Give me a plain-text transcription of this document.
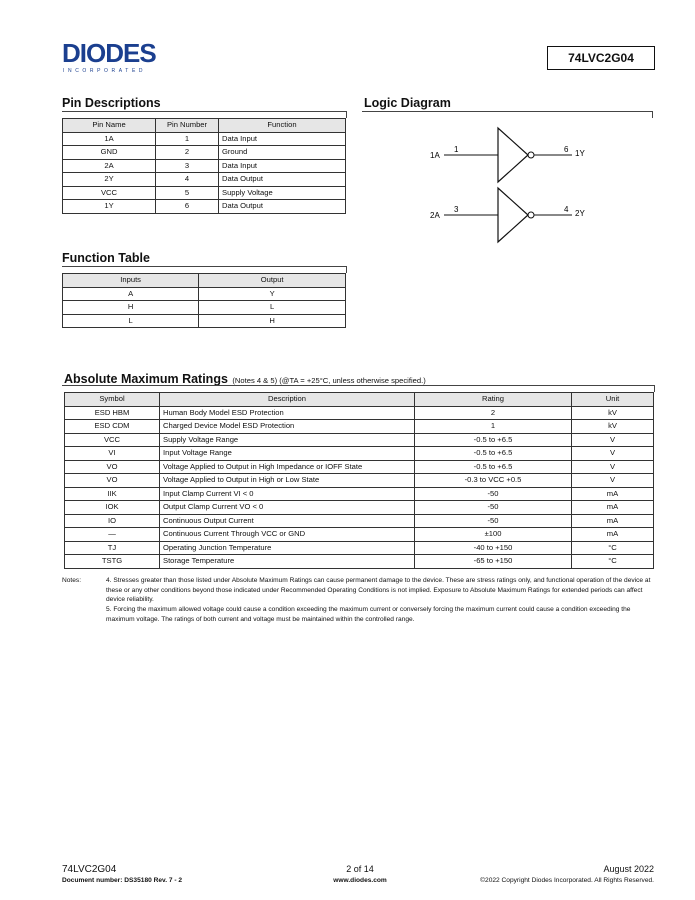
DIODES
INCORPORATED
74LVC2G04
Pin Descriptions
Pin Name	Pin Number	Function
1A	1	Data Input
GND	2	Ground
2A	3	Data Input
2Y	4	Data Output
VCC	5	Supply Voltage
1Y	6	Data Output
Logic Diagram
1A
1	6 1Y
2A
3	4 2Y
Function Table
Inputs	Output
A	Y
H	L
L	H
Absolute Maximum Ratings (Notes 4 & 5) (@TA = +25°C, unless otherwise specified.)
Symbol	Description	Rating	Unit
ESD HBM	Human Body Model ESD Protection	2	kV
ESD CDM	Charged Device Model ESD Protection	1	kV
VCC	Supply Voltage Range	-0.5 to +6.5	V
VI	Input Voltage Range	-0.5 to +6.5	V
VO	Voltage Applied to Output in High Impedance or IOFF State	-0.5 to +6.5	V
VO	Voltage Applied to Output in High or Low State	-0.3 to VCC +0.5	V
IIK	Input Clamp Current VI < 0	-50	mA
IOK	Output Clamp Current VO < 0	-50	mA
IO	Continuous Output Current	-50	mA
—	Continuous Current Through VCC or GND	±100	mA
TJ	Operating Junction Temperature	-40 to +150	°C
TSTG	Storage Temperature	-65 to +150	°C
Notes:	4. Stresses greater than those listed under Absolute Maximum Ratings can cause permanent damage to the device. These are stress ratings only, and functional operation of the device at these or any other conditions beyond those indicated under Recommended Operating Conditions is not implied. Exposure to Absolute Maximum Ratings for extended periods can affect device reliability.
5. Forcing the maximum allowed voltage could cause a condition exceeding the maximum current or conversely forcing the maximum current could cause a condition exceeding the maximum voltage. The ratings of both current and voltage must be maintained within the controlled range.
74LVC2G04
Document number: DS35180 Rev. 7 - 2
2 of 14
www.diodes.com
August 2022
©2022 Copyright Diodes Incorporated. All Rights Reserved.
